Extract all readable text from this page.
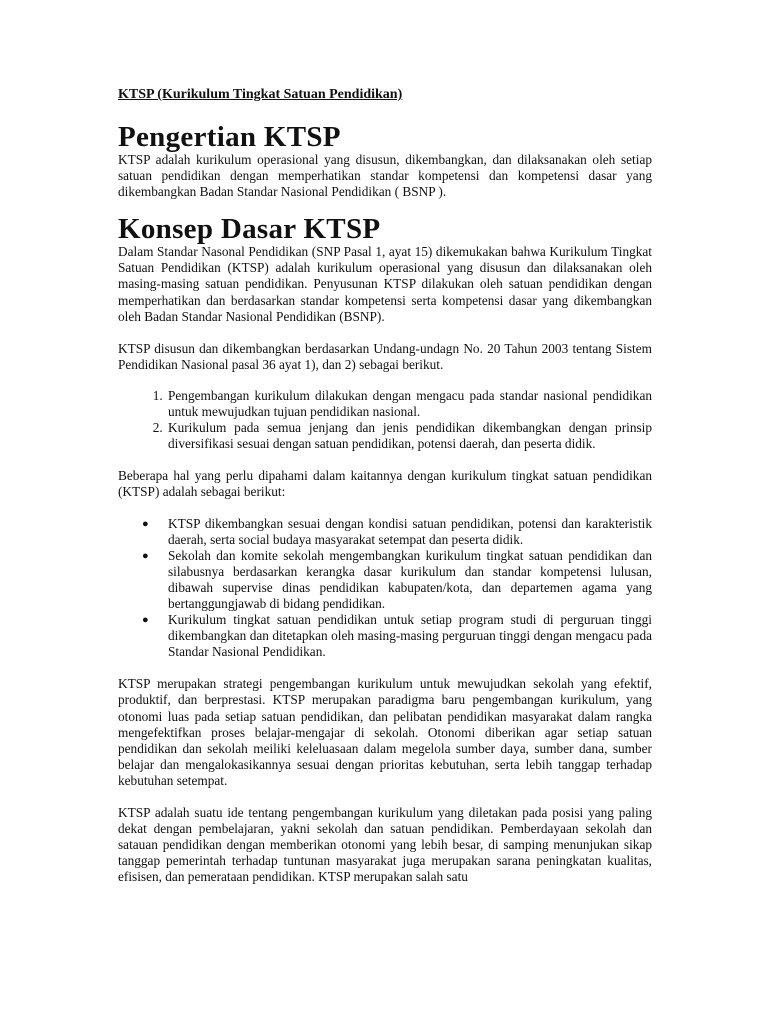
KTSP (Kurikulum Tingkat Satuan Pendidikan)
Pengertian KTSP

KTSP adalah kurikulum operasional yang disusun, dikembangkan, dan dilaksanakan oleh setiap satuan pendidikan dengan memperhatikan standar kompetensi dan kompetensi dasar yang dikembangkan Badan Standar Nasional Pendidikan ( BSNP ).

Konsep Dasar KTSP

Dalam Standar Nasonal Pendidikan (SNP Pasal 1, ayat 15) dikemukakan bahwa Kurikulum Tingkat Satuan Pendidikan (KTSP) adalah kurikulum operasional yang disusun dan dilaksanakan oleh masing-masing satuan pendidikan. Penyusunan KTSP dilakukan oleh satuan pendidikan dengan memperhatikan dan berdasarkan standar kompetensi serta kompetensi dasar yang dikembangkan oleh Badan Standar Nasional Pendidikan (BSNP).

KTSP disusun dan dikembangkan berdasarkan Undang-undagn No. 20 Tahun 2003 tentang Sistem Pendidikan Nasional pasal 36 ayat 1), dan 2) sebagai berikut.

1. Pengembangan kurikulum dilakukan dengan mengacu pada standar nasional pendidikan untuk mewujudkan tujuan pendidikan nasional.
2. Kurikulum pada semua jenjang dan jenis pendidikan dikembangkan dengan prinsip diversifikasi sesuai dengan satuan pendidikan, potensi daerah, dan peserta didik.

Beberapa hal yang perlu dipahami dalam kaitannya dengan kurikulum tingkat satuan pendidikan (KTSP) adalah sebagai berikut:

● KTSP dikembangkan sesuai dengan kondisi satuan pendidikan, potensi dan karakteristik daerah, serta social budaya masyarakat setempat dan peserta didik.
● Sekolah dan komite sekolah mengembangkan kurikulum tingkat satuan pendidikan dan silabusnya berdasarkan kerangka dasar kurikulum dan standar kompetensi lulusan, dibawah supervise dinas pendidikan kabupaten/kota, dan departemen agama yang bertanggungjawab di bidang pendidikan.
● Kurikulum tingkat satuan pendidikan untuk setiap program studi di perguruan tinggi dikembangkan dan ditetapkan oleh masing-masing perguruan tinggi dengan mengacu pada Standar Nasional Pendidikan.

KTSP merupakan strategi pengembangan kurikulum untuk mewujudkan sekolah yang efektif, produktif, dan berprestasi. KTSP merupakan paradigma baru pengembangan kurikulum, yang otonomi luas pada setiap satuan pendidikan, dan pelibatan pendidikan masyarakat dalam rangka mengefektifkan proses belajar-mengajar di sekolah. Otonomi diberikan agar setiap satuan pendidikan dan sekolah meiliki keleluasaan dalam megelola sumber daya, sumber dana, sumber belajar dan mengalokasikannya sesuai dengan prioritas kebutuhan, serta lebih tanggap terhadap kebutuhan setempat.

KTSP adalah suatu ide tentang pengembangan kurikulum yang diletakan pada posisi yang paling dekat dengan pembelajaran, yakni sekolah dan satuan pendidikan. Pemberdayaan sekolah dan satauan pendidikan dengan memberikan otonomi yang lebih besar, di samping menunjukan sikap tanggap pemerintah terhadap tuntunan masyarakat juga merupakan sarana peningkatan kualitas, efisisen, dan pemerataan pendidikan. KTSP merupakan salah satu
